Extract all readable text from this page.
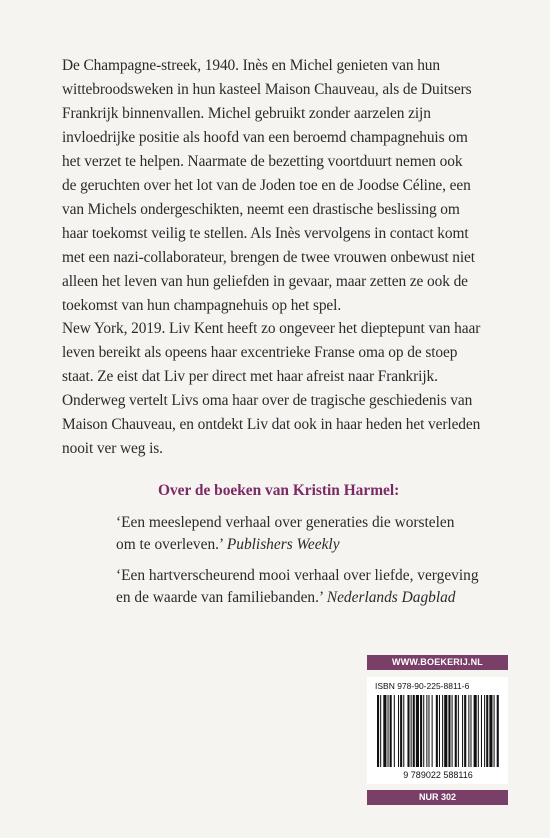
De Champagne-streek, 1940. Inès en Michel genieten van hun
wittebroodsweken in hun kasteel Maison Chauveau, als de Duitsers
Frankrijk binnenvallen. Michel gebruikt zonder aarzelen zijn
invloedrijke positie als hoofd van een beroemd champagnehuis om
het verzet te helpen. Naarmate de bezetting voortduurt nemen ook
de geruchten over het lot van de Joden toe en de Joodse Céline, een
van Michels ondergeschikten, neemt een drastische beslissing om
haar toekomst veilig te stellen. Als Inès vervolgens in contact komt
met een nazi-collaborateur, brengen de twee vrouwen onbewust niet
alleen het leven van hun geliefden in gevaar, maar zetten ze ook de
toekomst van hun champagnehuis op het spel.

New York, 2019. Liv Kent heeft zo ongeveer het dieptepunt van haar
leven bereikt als opeens haar excentrieke Franse oma op de stoep
staat. Ze eist dat Liv per direct met haar afreist naar Frankrijk.
Onderweg vertelt Livs oma haar over de tragische geschiedenis van
Maison Chauveau, en ontdekt Liv dat ook in haar heden het verleden
nooit ver weg is.

Over de boeken van Kristin Harmel:

‘Een meeslepend verhaal over generaties die worstelen
om te overleven.’ Publishers Weekly

‘Een hartverscheurend mooi verhaal over liefde, vergeving
en de waarde van familiebanden.’ Nederlands Dagblad

WWW.BOEKERIJ.NL
ISBN 978-90-225-8811-6
9 789022 588116
NUR 302
